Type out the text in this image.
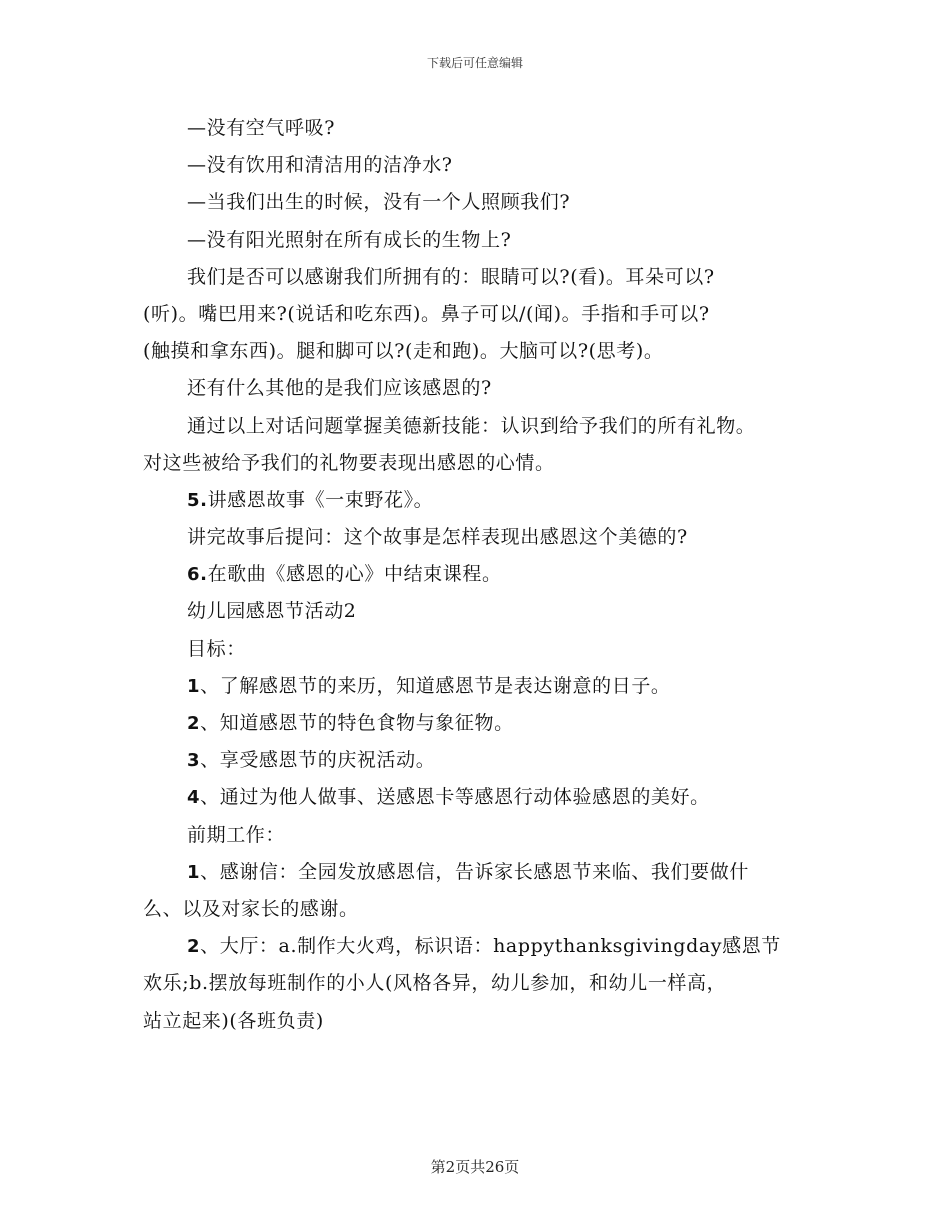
下载后可任意编辑
—没有空气呼吸?
—没有饮用和清洁用的洁净水?
—当我们出生的时候，没有一个人照顾我们?
—没有阳光照射在所有成长的生物上?
我们是否可以感谢我们所拥有的：眼睛可以?(看)。耳朵可以?
(听)。嘴巴用来?(说话和吃东西)。鼻子可以/(闻)。手指和手可以?
(触摸和拿东西)。腿和脚可以?(走和跑)。大脑可以?(思考)。
还有什么其他的是我们应该感恩的?
通过以上对话问题掌握美德新技能：认识到给予我们的所有礼物。
对这些被给予我们的礼物要表现出感恩的心情。
5.讲感恩故事《一束野花》。
讲完故事后提问：这个故事是怎样表现出感恩这个美德的?
6.在歌曲《感恩的心》中结束课程。
幼儿园感恩节活动2
目标：
1、了解感恩节的来历，知道感恩节是表达谢意的日子。
2、知道感恩节的特色食物与象征物。
3、享受感恩节的庆祝活动。
4、通过为他人做事、送感恩卡等感恩行动体验感恩的美好。
前期工作：
1、感谢信：全园发放感恩信，告诉家长感恩节来临、我们要做什
么、以及对家长的感谢。
2、大厅：a.制作大火鸡，标识语：happythanksgivingday感恩节
欢乐;b.摆放每班制作的小人(风格各异，幼儿参加，和幼儿一样高，
站立起来)(各班负责)
第2页共26页
